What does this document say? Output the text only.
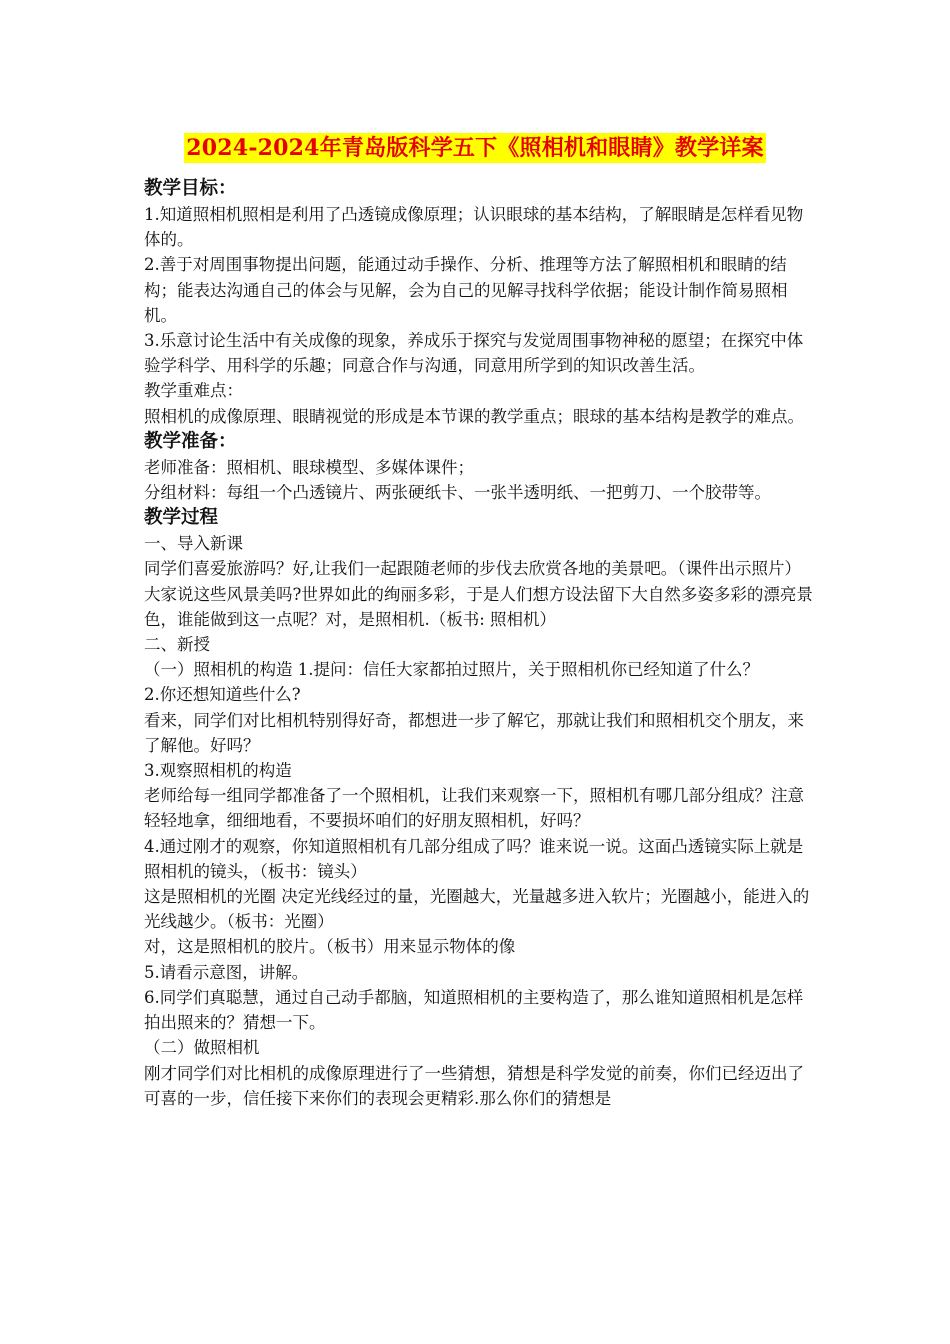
2024-2024年青岛版科学五下《照相机和眼睛》教学详案

教学目标：

1.知道照相机照相是利用了凸透镜成像原理；认识眼球的基本结构，了解眼睛是怎样看见物体的。

2.善于对周围事物提出问题，能通过动手操作、分析、推理等方法了解照相机和眼睛的结构；能表达沟通自己的体会与见解，会为自己的见解寻找科学依据；能设计制作简易照相机。

3.乐意讨论生活中有关成像的现象，养成乐于探究与发觉周围事物神秘的愿望；在探究中体验学科学、用科学的乐趣；同意合作与沟通，同意用所学到的知识改善生活。

教学重难点：

照相机的成像原理、眼睛视觉的形成是本节课的教学重点；眼球的基本结构是教学的难点。

教学准备：

老师准备：照相机、眼球模型、多媒体课件；

分组材料：每组一个凸透镜片、两张硬纸卡、一张半透明纸、一把剪刀、一个胶带等。

教学过程

一、导入新课

同学们喜爱旅游吗？好,让我们一起跟随老师的步伐去欣赏各地的美景吧。（课件出示照片）大家说这些风景美吗?世界如此的绚丽多彩，于是人们想方设法留下大自然多姿多彩的漂亮景色，谁能做到这一点呢？对，是照相机.（板书: 照相机）

二、新授

（一）照相机的构造 1.提问：信任大家都拍过照片，关于照相机你已经知道了什么？

2.你还想知道些什么?

看来，同学们对比相机特别得好奇，都想进一步了解它，那就让我们和照相机交个朋友，来了解他。好吗？

3.观察照相机的构造

老师给每一组同学都准备了一个照相机，让我们来观察一下，照相机有哪几部分组成？注意轻轻地拿，细细地看，不要损坏咱们的好朋友照相机，好吗？

4.通过刚才的观察，你知道照相机有几部分组成了吗？谁来说一说。这面凸透镜实际上就是照相机的镜头，（板书：镜头）

这是照相机的光圈 决定光线经过的量，光圈越大，光量越多进入软片；光圈越小，能进入的光线越少。（板书：光圈）

对，这是照相机的胶片。（板书）用来显示物体的像

5.请看示意图，讲解。

6.同学们真聪慧，通过自己动手都脑，知道照相机的主要构造了，那么谁知道照相机是怎样拍出照来的？猜想一下。

（二）做照相机

刚才同学们对比相机的成像原理进行了一些猜想，猜想是科学发觉的前奏，你们已经迈出了可喜的一步，信任接下来你们的表现会更精彩.那么你们的猜想是
